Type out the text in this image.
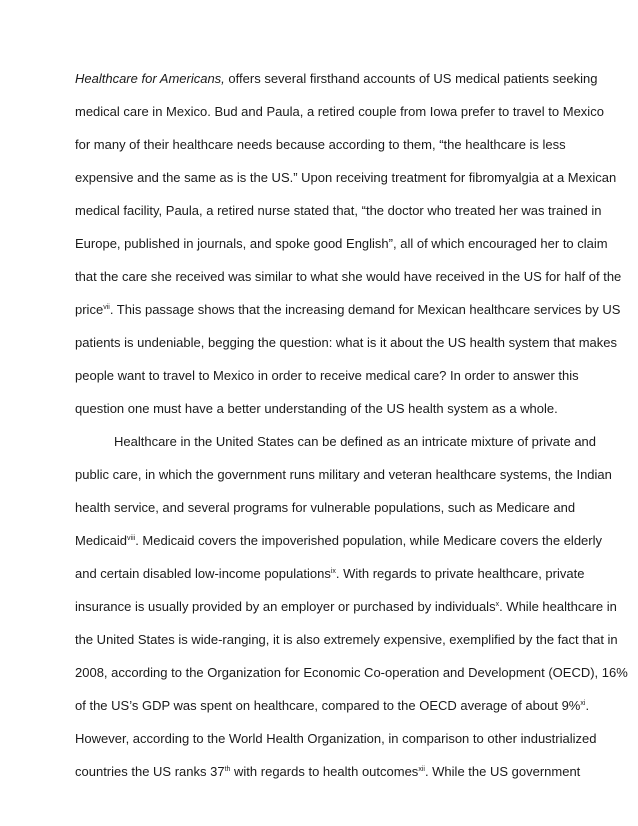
Healthcare for Americans, offers several firsthand accounts of US medical patients seeking
medical care in Mexico. Bud and Paula, a retired couple from Iowa prefer to travel to Mexico
for many of their healthcare needs because according to them, “the healthcare is less
expensive and the same as is the US.” Upon receiving treatment for fibromyalgia at a Mexican
medical facility, Paula, a retired nurse stated that, “the doctor who treated her was trained in
Europe, published in journals, and spoke good English”, all of which encouraged her to claim
that the care she received was similar to what she would have received in the US for half of the
price$^{vii}$. This passage shows that the increasing demand for Mexican healthcare services by US
patients is undeniable, begging the question: what is it about the US health system that makes
people want to travel to Mexico in order to receive medical care? In order to answer this
question one must have a better understanding of the US health system as a whole.
Healthcare in the United States can be defined as an intricate mixture of private and
public care, in which the government runs military and veteran healthcare systems, the Indian
health service, and several programs for vulnerable populations, such as Medicare and
Medicaid$^{viii}$. Medicaid covers the impoverished population, while Medicare covers the elderly
and certain disabled low-income populations$^{ix}$. With regards to private healthcare, private
insurance is usually provided by an employer or purchased by individuals$^x$. While healthcare in
the United States is wide-ranging, it is also extremely expensive, exemplified by the fact that in
2008, according to the Organization for Economic Co-operation and Development (OECD), 16%
of the US’s GDP was spent on healthcare, compared to the OECD average of about 9%$^{xi}$.
However, according to the World Health Organization, in comparison to other industrialized
countries the US ranks 37th with regards to health outcomes$^{xii}$. While the US government
